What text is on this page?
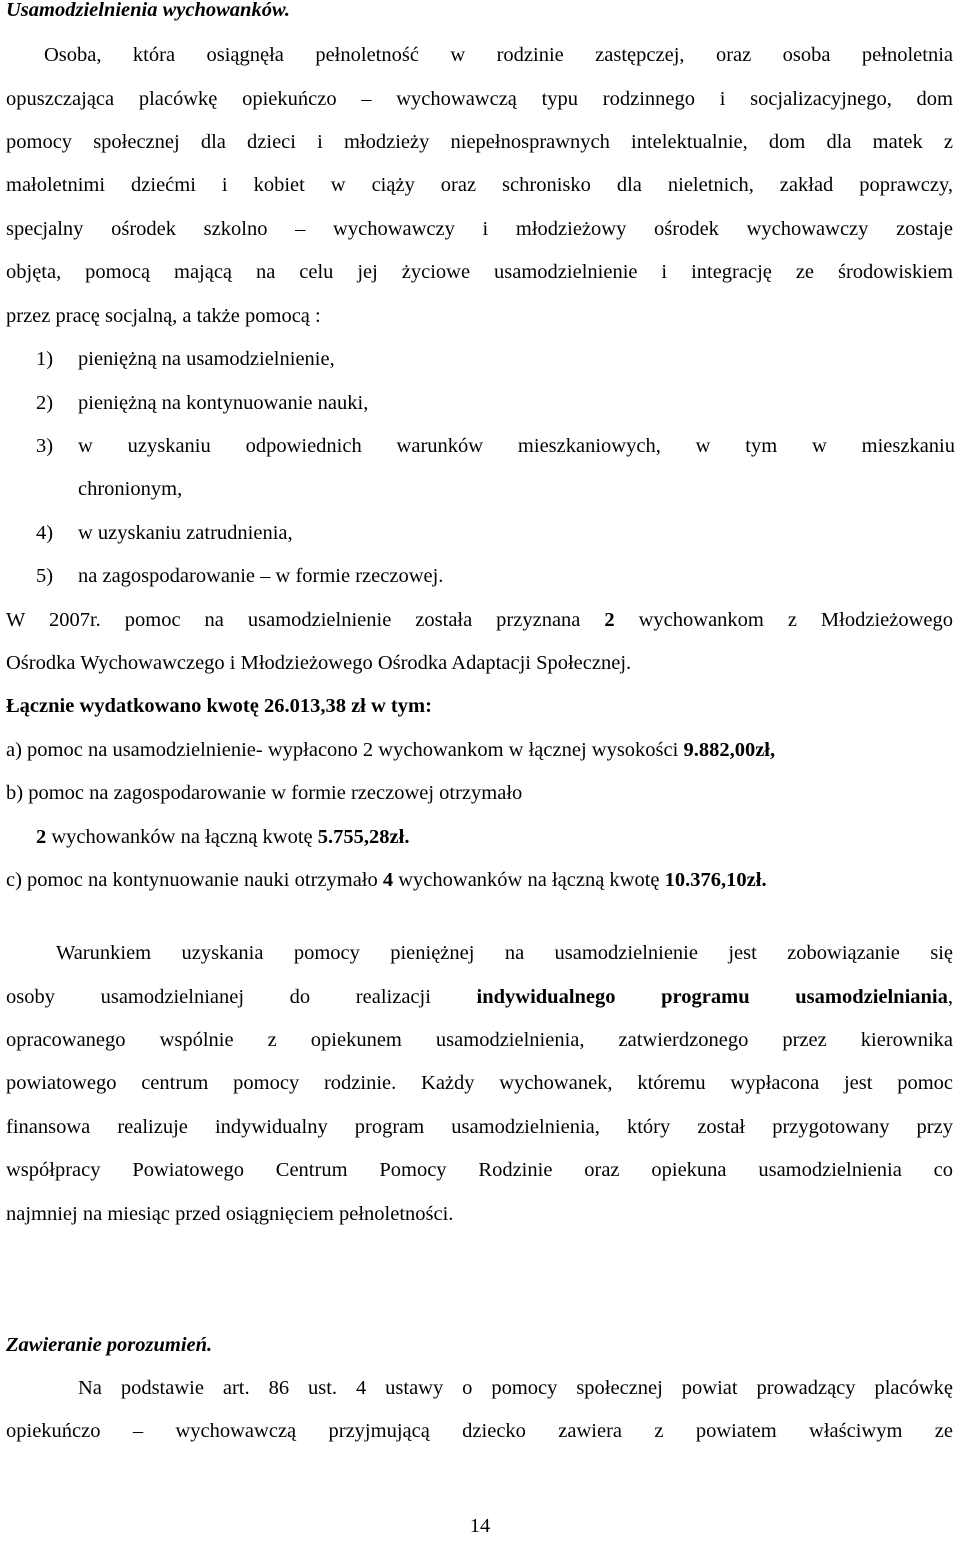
Usamodzielnienia wychowanków.
Osoba, która osiągnęła pełnoletność w rodzinie zastępczej, oraz osoba pełnoletnia
opuszczająca placówkę opiekuńczo – wychowawczą typu rodzinnego i socjalizacyjnego, dom
pomocy społecznej dla dzieci i młodzieży niepełnosprawnych intelektualnie, dom dla matek z
małoletnimi dziećmi i kobiet w ciąży oraz schronisko dla nieletnich, zakład poprawczy,
specjalny ośrodek szkolno – wychowawczy i młodzieżowy ośrodek wychowawczy zostaje
objęta, pomocą mającą na celu jej życiowe usamodzielnienie i integrację ze środowiskiem
przez pracę socjalną, a także pomocą :
1) pieniężną na usamodzielnienie,
2) pieniężną na kontynuowanie nauki,
3) w uzyskaniu odpowiednich warunków mieszkaniowych, w tym w mieszkaniu
chronionym,
4) w uzyskaniu zatrudnienia,
5) na zagospodarowanie – w formie rzeczowej.
W 2007r. pomoc na usamodzielnienie została przyznana 2 wychowankom z Młodzieżowego
Ośrodka Wychowawczego i Młodzieżowego Ośrodka Adaptacji Społecznej.
Łącznie wydatkowano kwotę 26.013,38 zł w tym:
a) pomoc na usamodzielnienie- wypłacono 2 wychowankom w łącznej wysokości 9.882,00zł,
b) pomoc na zagospodarowanie w formie rzeczowej otrzymało
2 wychowanków na łączną kwotę 5.755,28zł.
c) pomoc na kontynuowanie nauki otrzymało 4 wychowanków na łączną kwotę 10.376,10zł.
Warunkiem uzyskania pomocy pieniężnej na usamodzielnienie jest zobowiązanie się
osoby usamodzielnianej do realizacji indywidualnego programu usamodzielniania,
opracowanego wspólnie z opiekunem usamodzielnienia, zatwierdzonego przez kierownika
powiatowego centrum pomocy rodzinie. Każdy wychowanek, któremu wypłacona jest pomoc
finansowa realizuje indywidualny program usamodzielnienia, który został przygotowany przy
współpracy Powiatowego Centrum Pomocy Rodzinie oraz opiekuna usamodzielnienia co
najmniej na miesiąc przed osiągnięciem pełnoletności.
Zawieranie porozumień.
Na podstawie art. 86 ust. 4 ustawy o pomocy społecznej powiat prowadzący placówkę
opiekuńczo – wychowawczą przyjmującą dziecko zawiera z powiatem właściwym ze
14
